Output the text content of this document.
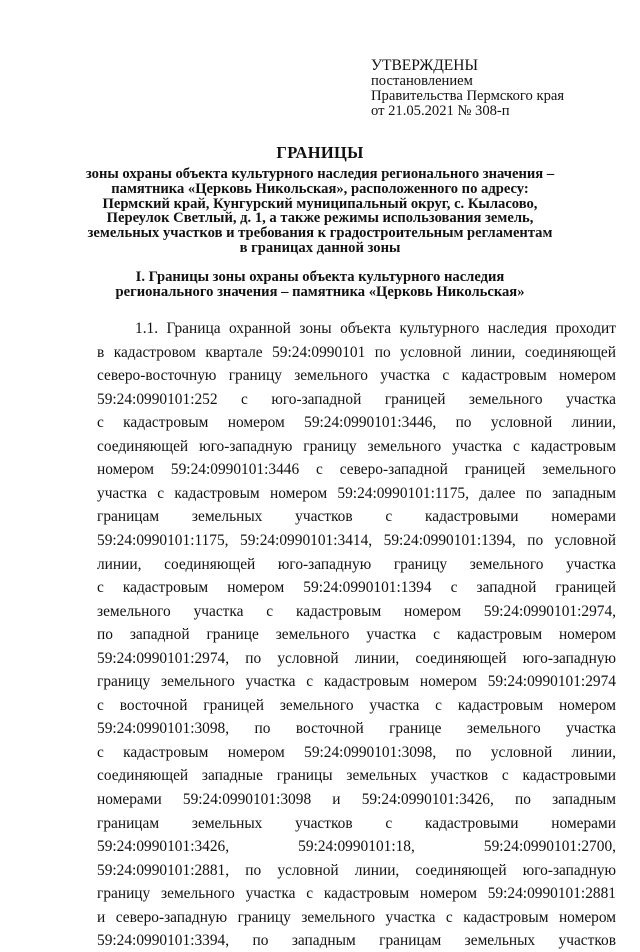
УТВЕРЖДЕНЫ
постановлением
Правительства Пермского края
от 21.05.2021 № 308-п
ГРАНИЦЫ
зоны охраны объекта культурного наследия регионального значения –
памятника «Церковь Никольская», расположенного по адресу:
Пермский край, Кунгурский муниципальный округ, с. Кыласово,
Переулок Светлый, д. 1, а также режимы использования земель,
земельных участков и требования к градостроительным регламентам
в границах данной зоны
I. Границы зоны охраны объекта культурного наследия
регионального значения – памятника «Церковь Никольская»
1.1. Граница охранной зоны объекта культурного наследия проходит
в кадастровом квартале 59:24:0990101 по условной линии, соединяющей
северо-восточную границу земельного участка с кадастровым номером
59:24:0990101:252 с юго-западной границей земельного участка
с кадастровым номером 59:24:0990101:3446, по условной линии,
соединяющей юго-западную границу земельного участка с кадастровым
номером 59:24:0990101:3446 с северо-западной границей земельного
участка с кадастровым номером 59:24:0990101:1175, далее по западным
границам земельных участков с кадастровыми номерами
59:24:0990101:1175, 59:24:0990101:3414, 59:24:0990101:1394, по условной
линии, соединяющей юго-западную границу земельного участка
с кадастровым номером 59:24:0990101:1394 с западной границей
земельного участка с кадастровым номером 59:24:0990101:2974,
по западной границе земельного участка с кадастровым номером
59:24:0990101:2974, по условной линии, соединяющей юго-западную
границу земельного участка с кадастровым номером 59:24:0990101:2974
с восточной границей земельного участка с кадастровым номером
59:24:0990101:3098, по восточной границе земельного участка
с кадастровым номером 59:24:0990101:3098, по условной линии,
соединяющей западные границы земельных участков с кадастровыми
номерами 59:24:0990101:3098 и 59:24:0990101:3426, по западным
границам земельных участков с кадастровыми номерами
59:24:0990101:3426, 59:24:0990101:18, 59:24:0990101:2700,
59:24:0990101:2881, по условной линии, соединяющей юго-западную
границу земельного участка с кадастровым номером 59:24:0990101:2881
и северо-западную границу земельного участка с кадастровым номером
59:24:0990101:3394, по западным границам земельных участков
